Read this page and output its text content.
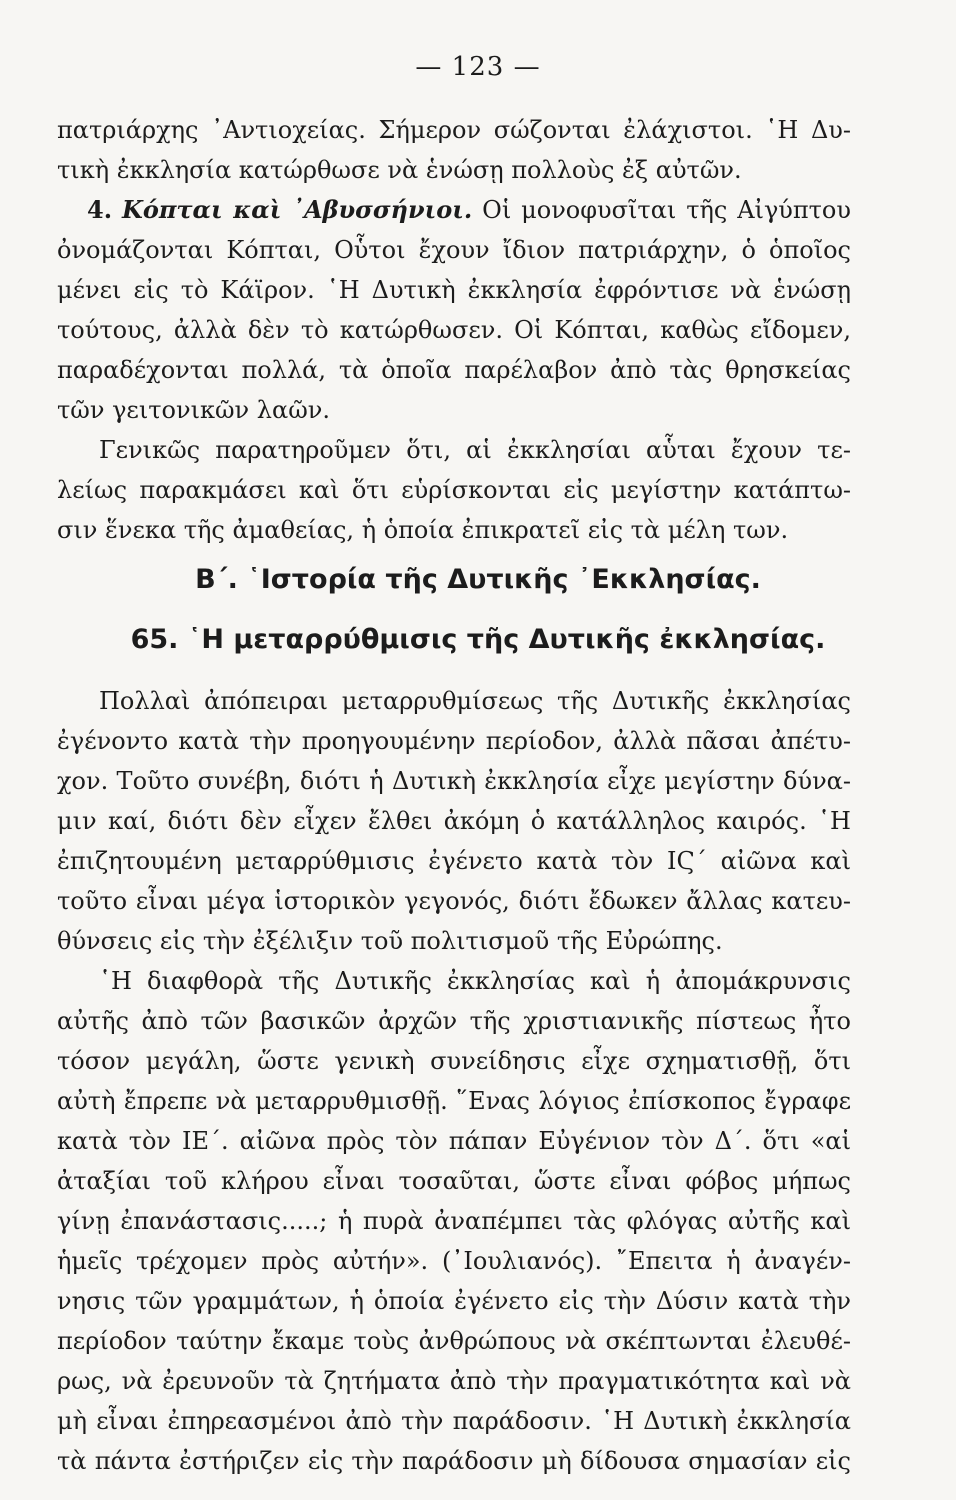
— 123 —
πατριάρχης ᾿Αντιοχείας. Σήμερον σώζονται ἐλάχιστοι. ῾Η Δυ-
τικὴ ἐκκλησία κατώρθωσε νὰ ἑνώσῃ πολλοὺς ἐξ αὐτῶν.
4. Κόπται καὶ ᾿Αβυσσήνιοι. Οἱ μονοφυσῖται τῆς Αἰγύπτου
ὀνομάζονται Κόπται, Οὗτοι ἔχουν ἴδιον πατριάρχην, ὁ ὁποῖος
μένει εἰς τὸ Κάϊρον. ῾Η Δυτικὴ ἐκκλησία ἐφρόντισε νὰ ἑνώσῃ
τούτους, ἀλλὰ δὲν τὸ κατώρθωσεν. Οἱ Κόπται, καθὼς εἴδομεν,
παραδέχονται πολλά, τὰ ὁποῖα παρέλαβον ἀπὸ τὰς θρησκείας
τῶν γειτονικῶν λαῶν.
Γενικῶς παρατηροῦμεν ὅτι, αἱ ἐκκλησίαι αὗται ἔχουν τε-
λείως παρακμάσει καὶ ὅτι εὑρίσκονται εἰς μεγίστην κατάπτω-
σιν ἕνεκα τῆς ἀμαθείας, ἡ ὁποία ἐπικρατεῖ εἰς τὰ μέλη των.
Β΄. ῾Ιστορία τῆς Δυτικῆς ᾿Εκκλησίας.
65. ῾Η μεταρρύθμισις τῆς Δυτικῆς ἐκκλησίας.
Πολλαὶ ἀπόπειραι μεταρρυθμίσεως τῆς Δυτικῆς ἐκκλησίας
ἐγένοντο κατὰ τὴν προηγουμένην περίοδον, ἀλλὰ πᾶσαι ἀπέτυ-
χον. Τοῦτο συνέβη, διότι ἡ Δυτικὴ ἐκκλησία εἶχε μεγίστην δύνα-
μιν καί, διότι δὲν εἶχεν ἔλθει ἀκόμη ὁ κατάλληλος καιρός. ῾Η
ἐπιζητουμένη μεταρρύθμισις ἐγένετο κατὰ τὸν ΙϚ΄ αἰῶνα καὶ
τοῦτο εἶναι μέγα ἱστορικὸν γεγονός, διότι ἔδωκεν ἄλλας κατευ-
θύνσεις εἰς τὴν ἐξέλιξιν τοῦ πολιτισμοῦ τῆς Εὐρώπης.
῾Η διαφθορὰ τῆς Δυτικῆς ἐκκλησίας καὶ ἡ ἀπομάκρυνσις
αὐτῆς ἀπὸ τῶν βασικῶν ἀρχῶν τῆς χριστιανικῆς πίστεως ἦτο
τόσον μεγάλη, ὥστε γενικὴ συνείδησις εἶχε σχηματισθῇ, ὅτι
αὐτὴ ἔπρεπε νὰ μεταρρυθμισθῇ. ῞Ενας λόγιος ἐπίσκοπος ἔγραφε
κατὰ τὸν ΙΕ΄. αἰῶνα πρὸς τὸν πάπαν Εὐγένιον τὸν Δ΄. ὅτι «αἱ
ἀταξίαι τοῦ κλήρου εἶναι τοσαῦται, ὥστε εἶναι φόβος μήπως
γίνῃ ἐπανάστασις.....; ἡ πυρὰ ἀναπέμπει τὰς φλόγας αὐτῆς καὶ
ἡμεῖς τρέχομεν πρὸς αὐτήν». (᾿Ιουλιανός). ῎Επειτα ἡ ἀναγέν-
νησις τῶν γραμμάτων, ἡ ὁποία ἐγένετο εἰς τὴν Δύσιν κατὰ τὴν
περίοδον ταύτην ἔκαμε τοὺς ἀνθρώπους νὰ σκέπτωνται ἐλευθέ-
ρως, νὰ ἐρευνοῦν τὰ ζητήματα ἀπὸ τὴν πραγματικότητα καὶ νὰ
μὴ εἶναι ἐπηρεασμένοι ἀπὸ τὴν παράδοσιν. ῾Η Δυτικὴ ἐκκλησία
τὰ πάντα ἐστήριζεν εἰς τὴν παράδοσιν μὴ δίδουσα σημασίαν εἰς
